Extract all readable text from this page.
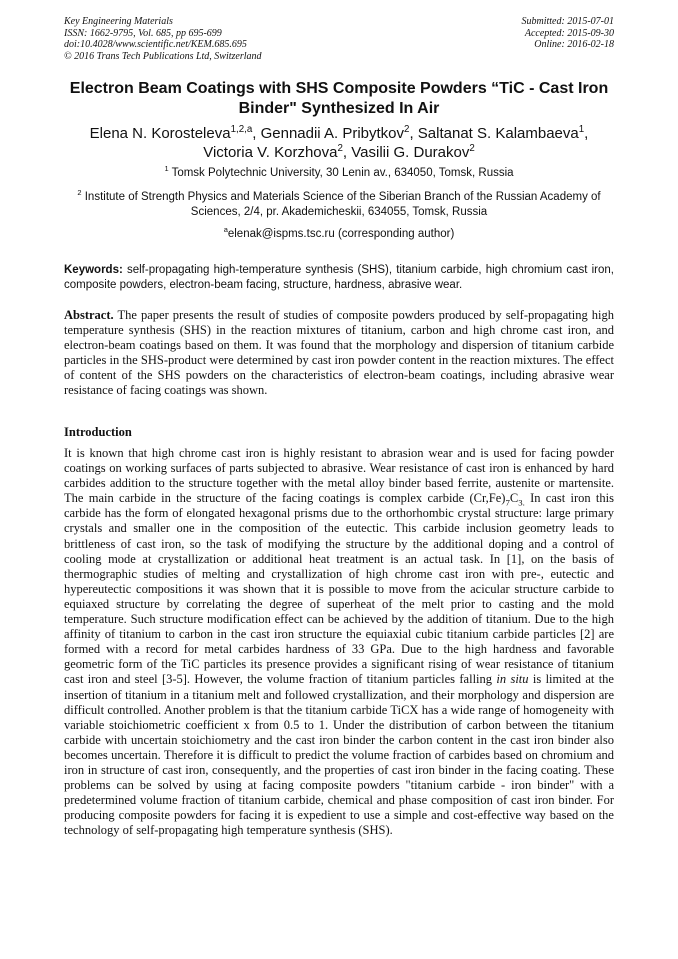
Key Engineering Materials
ISSN: 1662-9795, Vol. 685, pp 695-699
doi:10.4028/www.scientific.net/KEM.685.695
© 2016 Trans Tech Publications Ltd, Switzerland
Submitted: 2015-07-01
Accepted: 2015-09-30
Online: 2016-02-18
Electron Beam Coatings with SHS Composite Powders “TiC - Cast Iron
Binder" Synthesized In Air
Elena N. Korosteleva$^{1,2,a}$, Gennadii A. Pribytkov$^2$, Saltanat S. Kalambaeva$^1$,
Victoria V. Korzhova$^2$, Vasilii G. Durakov$^2$
$^1$ Tomsk Polytechnic University, 30 Lenin av., 634050, Tomsk, Russia
$^2$ Institute of Strength Physics and Materials Science of the Siberian Branch of the Russian Academy of Sciences, 2/4, pr. Akademicheskii, 634055, Tomsk, Russia
$^a$elenak@ispms.tsc.ru (corresponding author)
Keywords: self-propagating high-temperature synthesis (SHS), titanium carbide, high chromium cast iron, composite powders, electron-beam facing, structure, hardness, abrasive wear.
Abstract. The paper presents the result of studies of composite powders produced by self-propagating high temperature synthesis (SHS) in the reaction mixtures of titanium, carbon and high chrome cast iron, and electron-beam coatings based on them. It was found that the morphology and dispersion of titanium carbide particles in the SHS-product were determined by cast iron powder content in the reaction mixtures. The effect of content of the SHS powders on the characteristics of electron-beam coatings, including abrasive wear resistance of facing coatings was shown.
Introduction
It is known that high chrome cast iron is highly resistant to abrasion wear and is used for facing powder coatings on working surfaces of parts subjected to abrasive. Wear resistance of cast iron is enhanced by hard carbides addition to the structure together with the metal alloy binder based ferrite, austenite or martensite. The main carbide in the structure of the facing coatings is complex carbide $(Cr,Fe)_7C_{3.}$ In cast iron this carbide has the form of elongated hexagonal prisms due to the orthorhombic crystal structure: large primary crystals and smaller one in the composition of the eutectic. This carbide inclusion geometry leads to brittleness of cast iron, so the task of modifying the structure by the additional doping and a control of cooling mode at crystallization or additional heat treatment is an actual task. In [1], on the basis of thermographic studies of melting and crystallization of high chrome cast iron with pre-, eutectic and hypereutectic compositions it was shown that it is possible to move from the acicular structure carbide to equiaxed structure by correlating the degree of superheat of the melt prior to casting and the mold temperature. Such structure modification effect can be achieved by the addition of titanium. Due to the high affinity of titanium to carbon in the cast iron structure the equiaxial cubic titanium carbide particles [2] are formed with a record for metal carbides hardness of 33 GPa. Due to the high hardness and favorable geometric form of the TiC particles its presence provides a significant rising of wear resistance of titanium cast iron and steel [3-5]. However, the volume fraction of titanium particles falling in situ is limited at the insertion of titanium in a titanium melt and followed crystallization, and their morphology and dispersion are difficult controlled. Another problem is that the titanium carbide TiCX has a wide range of homogeneity with variable stoichiometric coefficient x from 0.5 to 1. Under the distribution of carbon between the titanium carbide with uncertain stoichiometry and the cast iron binder the carbon content in the cast iron binder also becomes uncertain. Therefore it is difficult to predict the volume fraction of carbides based on chromium and iron in structure of cast iron, consequently, and the properties of cast iron binder in the facing coating. These problems can be solved by using at facing composite powders "titanium carbide - iron binder" with a predetermined volume fraction of titanium carbide, chemical and phase composition of cast iron binder. For producing composite powders for facing it is expedient to use a simple and cost-effective way based on the technology of self-propagating high temperature synthesis (SHS).
